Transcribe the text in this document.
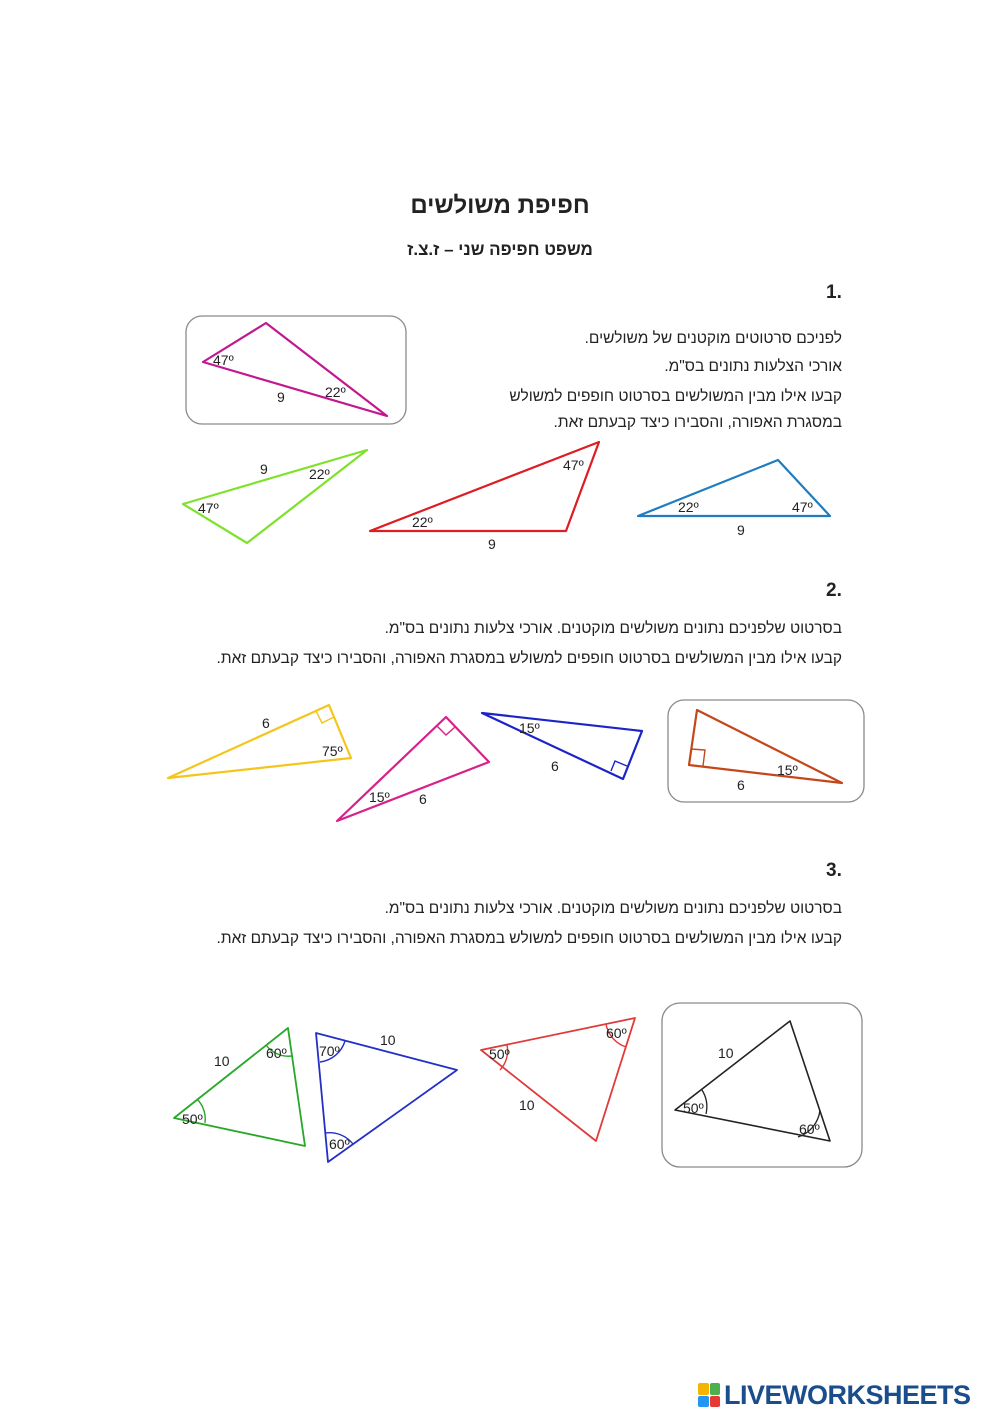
חפיפת משולשים
משפט חפיפה שני – ז.צ.ז
1.
לפניכם סרטוטים מוקטנים של משולשים.
אורכי הצלעות נתונים בס"מ.
קבעו אילו מבין המשולשים בסרטוט חופפים למשולש
במסגרת האפורה, והסבירו כיצד קבעתם זאת.
2.
בסרטוט שלפניכם נתונים משולשים מוקטנים. אורכי צלעות נתונים בס"מ.
קבעו אילו מבין המשולשים בסרטוט חופפים למשולש במסגרת האפורה, והסבירו כיצד קבעתם זאת.
3.
בסרטוט שלפניכם נתונים משולשים מוקטנים. אורכי צלעות נתונים בס"מ.
קבעו אילו מבין המשולשים בסרטוט חופפים למשולש במסגרת האפורה, והסבירו כיצד קבעתם זאת.
47º
22º
9
9	22º
47º
47º
22º
9
22º	47º
9
6
75º
15º 6
15º
6	15º
6
10	60º
50º
70º
10
60º
50º
60º
10
10
50º
60º
LIVEWORKSHEETS
